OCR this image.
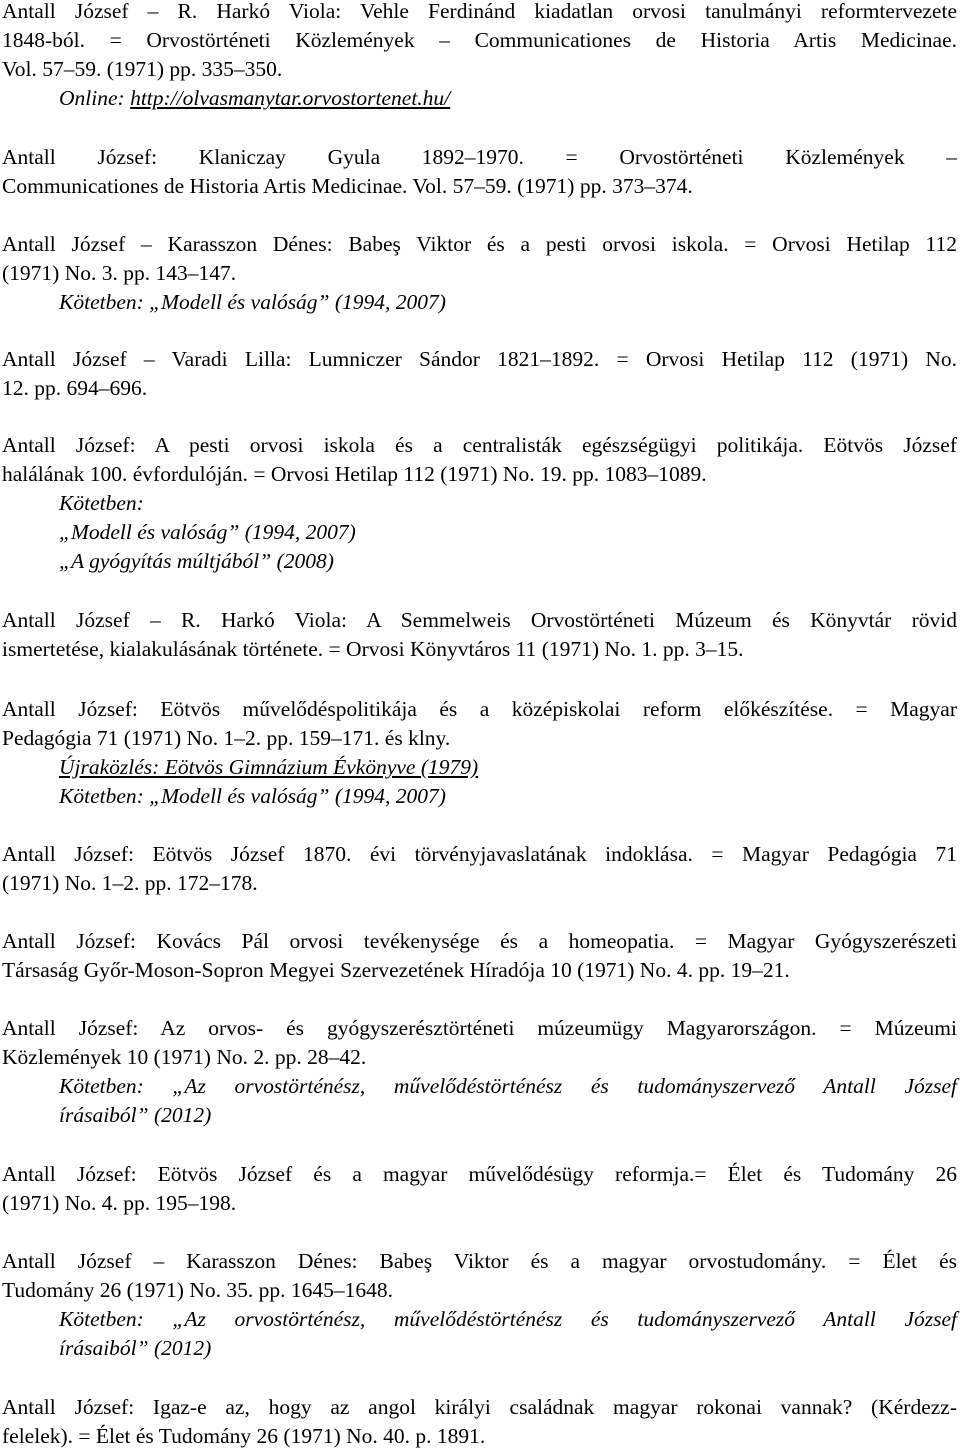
Antall József – R. Harkó Viola: Vehle Ferdinánd kiadatlan orvosi tanulmányi reformtervezete
1848-ból. = Orvostörténeti Közlemények – Communicationes de Historia Artis Medicinae.
Vol. 57–59. (1971) pp. 335–350.
Online: http://olvasmanytar.orvostortenet.hu/
Antall József: Klaniczay Gyula 1892–1970. = Orvostörténeti Közlemények –
Communicationes de Historia Artis Medicinae. Vol. 57–59. (1971) pp. 373–374.
Antall József – Karasszon Dénes: Babeş Viktor és a pesti orvosi iskola. = Orvosi Hetilap 112
(1971) No. 3. pp. 143–147.
Kötetben: „Modell és valóság” (1994, 2007)
Antall József – Varadi Lilla: Lumniczer Sándor 1821–1892. = Orvosi Hetilap 112 (1971) No.
12. pp. 694–696.
Antall József: A pesti orvosi iskola és a centralisták egészségügyi politikája. Eötvös József
halálának 100. évfordulóján. = Orvosi Hetilap 112 (1971) No. 19. pp. 1083–1089.
Kötetben:
„Modell és valóság” (1994, 2007)
„A gyógyítás múltjából” (2008)
Antall József – R. Harkó Viola: A Semmelweis Orvostörténeti Múzeum és Könyvtár rövid
ismertetése, kialakulásának története. = Orvosi Könyvtáros 11 (1971) No. 1. pp. 3–15.
Antall József: Eötvös művelődéspolitikája és a középiskolai reform előkészítése. = Magyar
Pedagógia 71 (1971) No. 1–2. pp. 159–171. és klny.
Újraközlés: Eötvös Gimnázium Évkönyve (1979)
Kötetben: „Modell és valóság” (1994, 2007)
Antall József: Eötvös József 1870. évi törvényjavaslatának indoklása. = Magyar Pedagógia 71
(1971) No. 1–2. pp. 172–178.
Antall József: Kovács Pál orvosi tevékenysége és a homeopatia. = Magyar Gyógyszerészeti
Társaság Győr-Moson-Sopron Megyei Szervezetének Híradója 10 (1971) No. 4. pp. 19–21.
Antall József: Az orvos- és gyógyszerésztörténeti múzeumügy Magyarországon. = Múzeumi
Közlemények 10 (1971) No. 2. pp. 28–42.
Kötetben: „Az orvostörténész, művelődéstörténész és tudományszervező Antall József
írásaiból” (2012)
Antall József: Eötvös József és a magyar művelődésügy reformja.= Élet és Tudomány 26
(1971) No. 4. pp. 195–198.
Antall József – Karasszon Dénes: Babeş Viktor és a magyar orvostudomány. = Élet és
Tudomány 26 (1971) No. 35. pp. 1645–1648.
Kötetben: „Az orvostörténész, művelődéstörténész és tudományszervező Antall József
írásaiból” (2012)
Antall József: Igaz-e az, hogy az angol királyi családnak magyar rokonai vannak? (Kérdezz-
felelek). = Élet és Tudomány 26 (1971) No. 40. p. 1891.
